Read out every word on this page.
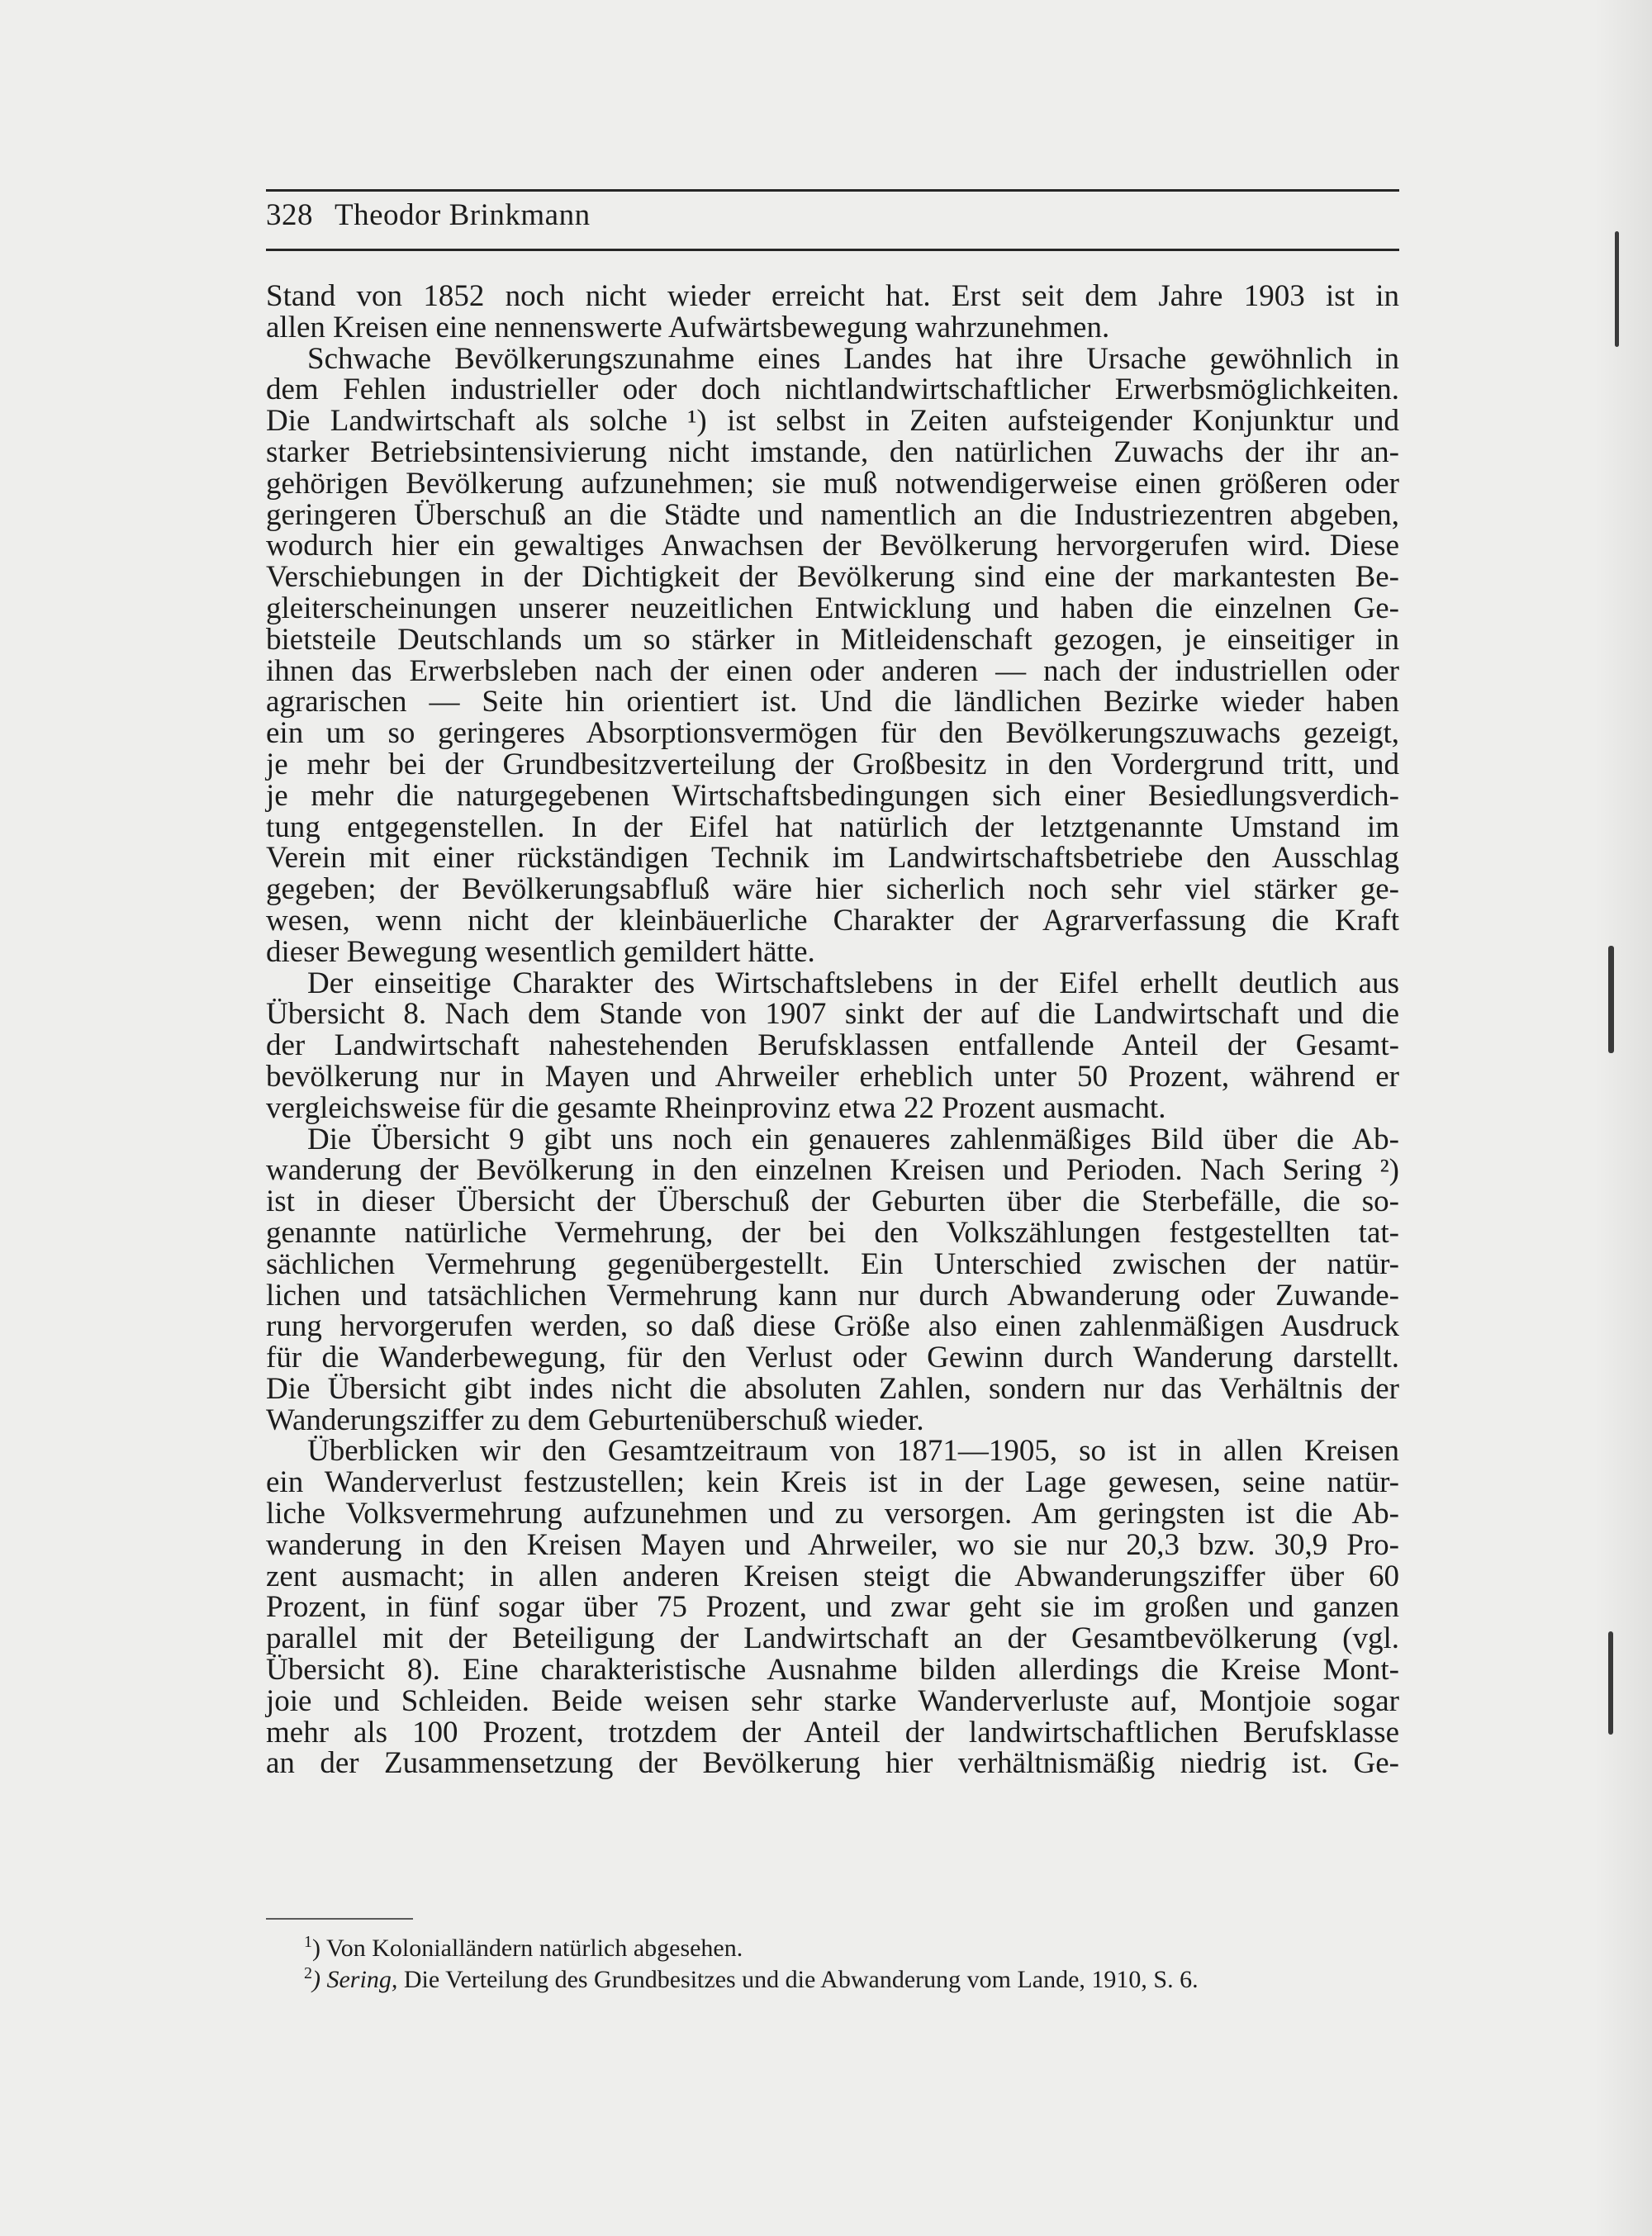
328 Theodor Brinkmann
Stand von 1852 noch nicht wieder erreicht hat. Erst seit dem Jahre 1903 ist in
allen Kreisen eine nennenswerte Aufwärtsbewegung wahrzunehmen.
Schwache Bevölkerungszunahme eines Landes hat ihre Ursache gewöhnlich in
dem Fehlen industrieller oder doch nichtlandwirtschaftlicher Erwerbsmöglichkeiten.
Die Landwirtschaft als solche ¹) ist selbst in Zeiten aufsteigender Konjunktur und
starker Betriebsintensivierung nicht imstande, den natürlichen Zuwachs der ihr an-
gehörigen Bevölkerung aufzunehmen; sie muß notwendigerweise einen größeren oder
geringeren Überschuß an die Städte und namentlich an die Industriezentren abgeben,
wodurch hier ein gewaltiges Anwachsen der Bevölkerung hervorgerufen wird. Diese
Verschiebungen in der Dichtigkeit der Bevölkerung sind eine der markantesten Be-
gleiterscheinungen unserer neuzeitlichen Entwicklung und haben die einzelnen Ge-
bietsteile Deutschlands um so stärker in Mitleidenschaft gezogen, je einseitiger in
ihnen das Erwerbsleben nach der einen oder anderen — nach der industriellen oder
agrarischen — Seite hin orientiert ist. Und die ländlichen Bezirke wieder haben
ein um so geringeres Absorptionsvermögen für den Bevölkerungszuwachs gezeigt,
je mehr bei der Grundbesitzverteilung der Großbesitz in den Vordergrund tritt, und
je mehr die naturgegebenen Wirtschaftsbedingungen sich einer Besiedlungsverdich-
tung entgegenstellen. In der Eifel hat natürlich der letztgenannte Umstand im
Verein mit einer rückständigen Technik im Landwirtschaftsbetriebe den Ausschlag
gegeben; der Bevölkerungsabfluß wäre hier sicherlich noch sehr viel stärker ge-
wesen, wenn nicht der kleinbäuerliche Charakter der Agrarverfassung die Kraft
dieser Bewegung wesentlich gemildert hätte.
Der einseitige Charakter des Wirtschaftslebens in der Eifel erhellt deutlich aus
Übersicht 8. Nach dem Stande von 1907 sinkt der auf die Landwirtschaft und die
der Landwirtschaft nahestehenden Berufsklassen entfallende Anteil der Gesamt-
bevölkerung nur in Mayen und Ahrweiler erheblich unter 50 Prozent, während er
vergleichsweise für die gesamte Rheinprovinz etwa 22 Prozent ausmacht.
Die Übersicht 9 gibt uns noch ein genaueres zahlenmäßiges Bild über die Ab-
wanderung der Bevölkerung in den einzelnen Kreisen und Perioden. Nach Sering ²)
ist in dieser Übersicht der Überschuß der Geburten über die Sterbefälle, die so-
genannte natürliche Vermehrung, der bei den Volkszählungen festgestellten tat-
sächlichen Vermehrung gegenübergestellt. Ein Unterschied zwischen der natür-
lichen und tatsächlichen Vermehrung kann nur durch Abwanderung oder Zuwande-
rung hervorgerufen werden, so daß diese Größe also einen zahlenmäßigen Ausdruck
für die Wanderbewegung, für den Verlust oder Gewinn durch Wanderung darstellt.
Die Übersicht gibt indes nicht die absoluten Zahlen, sondern nur das Verhältnis der
Wanderungsziffer zu dem Geburtenüberschuß wieder.
Überblicken wir den Gesamtzeitraum von 1871—1905, so ist in allen Kreisen
ein Wanderverlust festzustellen; kein Kreis ist in der Lage gewesen, seine natür-
liche Volksvermehrung aufzunehmen und zu versorgen. Am geringsten ist die Ab-
wanderung in den Kreisen Mayen und Ahrweiler, wo sie nur 20,3 bzw. 30,9 Pro-
zent ausmacht; in allen anderen Kreisen steigt die Abwanderungsziffer über 60
Prozent, in fünf sogar über 75 Prozent, und zwar geht sie im großen und ganzen
parallel mit der Beteiligung der Landwirtschaft an der Gesamtbevölkerung (vgl.
Übersicht 8). Eine charakteristische Ausnahme bilden allerdings die Kreise Mont-
joie und Schleiden. Beide weisen sehr starke Wanderverluste auf, Montjoie sogar
mehr als 100 Prozent, trotzdem der Anteil der landwirtschaftlichen Berufsklasse
an der Zusammensetzung der Bevölkerung hier verhältnismäßig niedrig ist. Ge-
$^1$) Von Kolonialländern natürlich abgesehen.
$^2$) Sering, Die Verteilung des Grundbesitzes und die Abwanderung vom Lande, 1910, S. 6.
